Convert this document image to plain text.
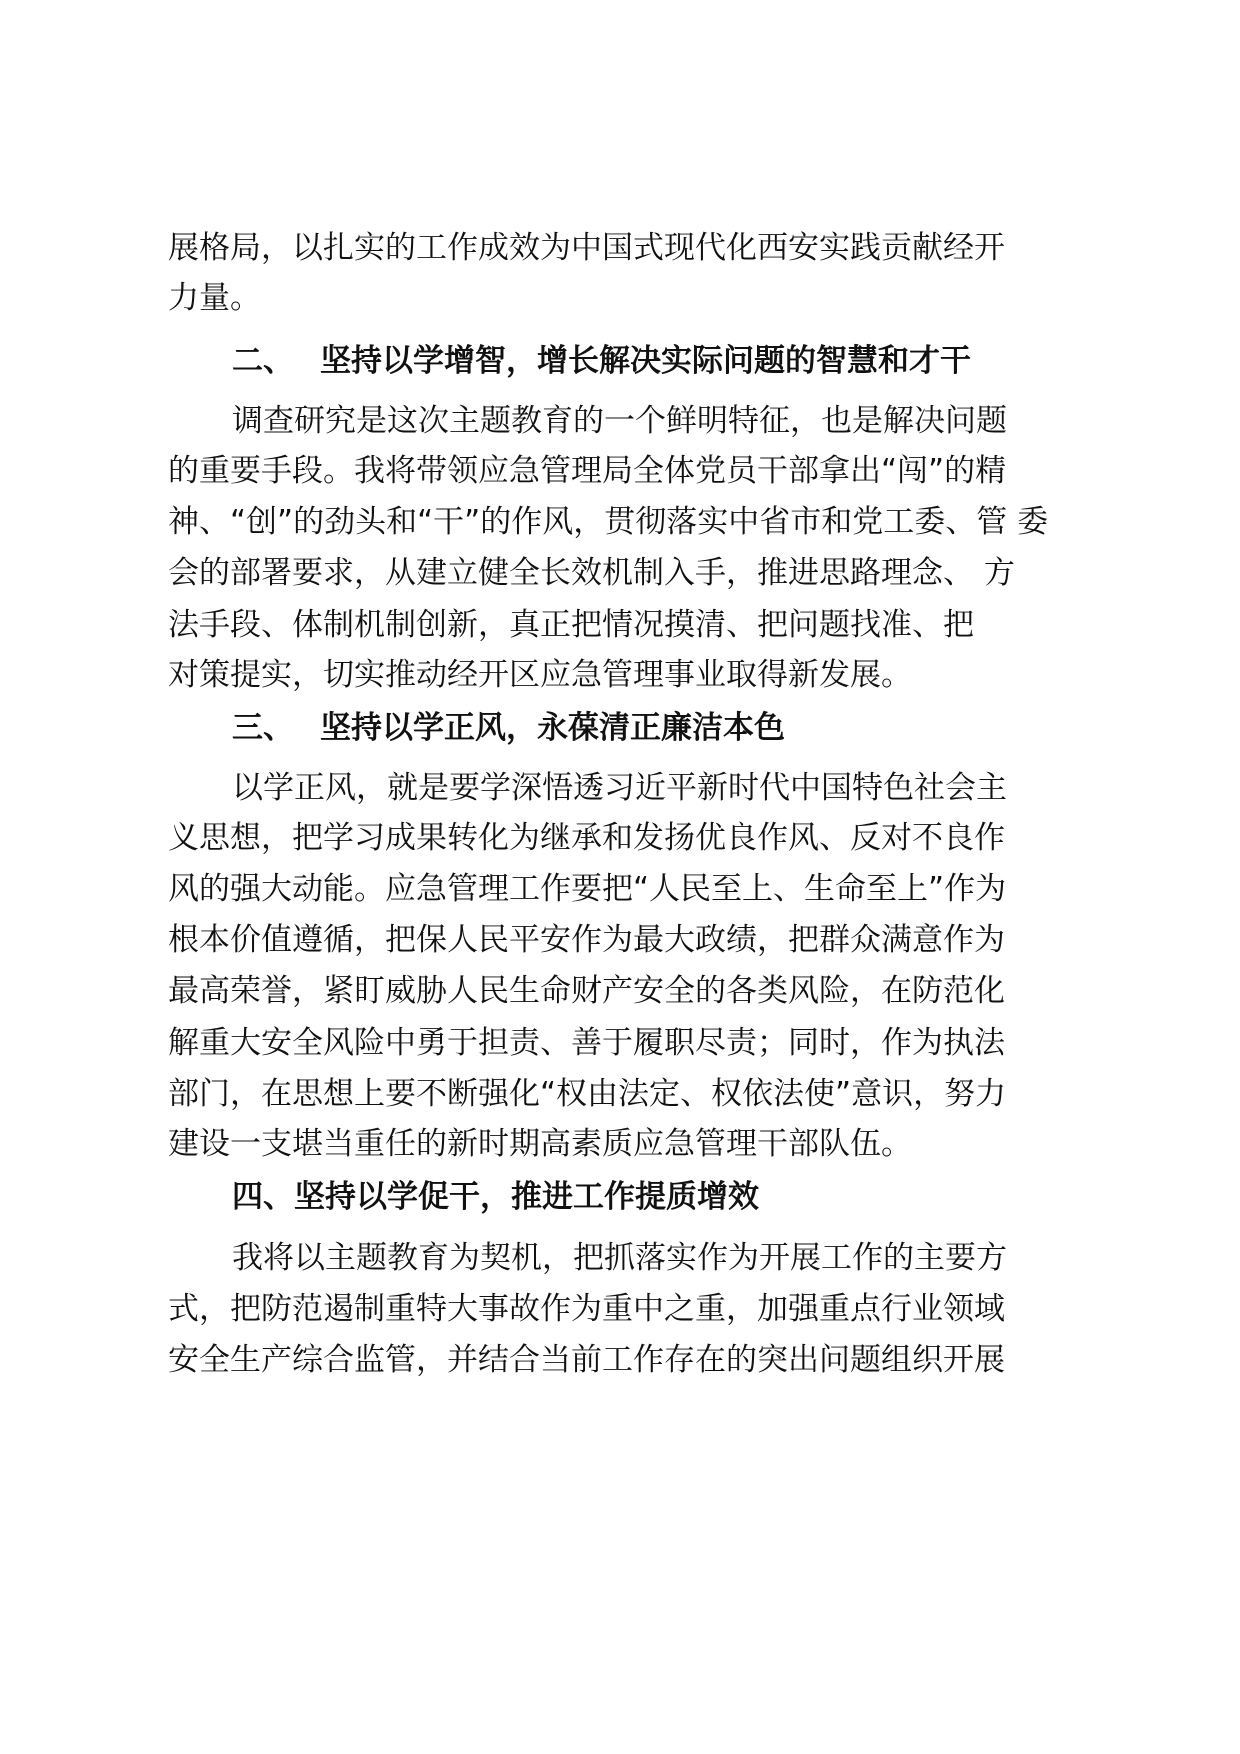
展格局，以扎实的工作成效为中国式现代化西安实践贡献经开
力量。
二、 坚持以学增智，增长解决实际问题的智慧和才干
调查研究是这次主题教育的一个鲜明特征，也是解决问题
的重要手段。我将带领应急管理局全体党员干部拿出“闯”的精
神、“创”的劲头和“干”的作风，贯彻落实中省市和党工委、管 委
会的部署要求，从建立健全长效机制入手，推进思路理念、 方
法手段、体制机制创新，真正把情况摸清、把问题找准、把
对策提实，切实推动经开区应急管理事业取得新发展。
三、 坚持以学正风，永葆清正廉洁本色
以学正风，就是要学深悟透习近平新时代中国特色社会主
义思想，把学习成果转化为继承和发扬优良作风、反对不良作
风的强大动能。应急管理工作要把“人民至上、生命至上”作为
根本价值遵循，把保人民平安作为最大政绩，把群众满意作为
最高荣誉，紧盯威胁人民生命财产安全的各类风险，在防范化
解重大安全风险中勇于担责、善于履职尽责；同时，作为执法
部门，在思想上要不断强化“权由法定、权依法使”意识，努力
建设一支堪当重任的新时期高素质应急管理干部队伍。
四、坚持以学促干，推进工作提质增效
我将以主题教育为契机，把抓落实作为开展工作的主要方
式，把防范遏制重特大事故作为重中之重，加强重点行业领域
安全生产综合监管，并结合当前工作存在的突出问题组织开展
